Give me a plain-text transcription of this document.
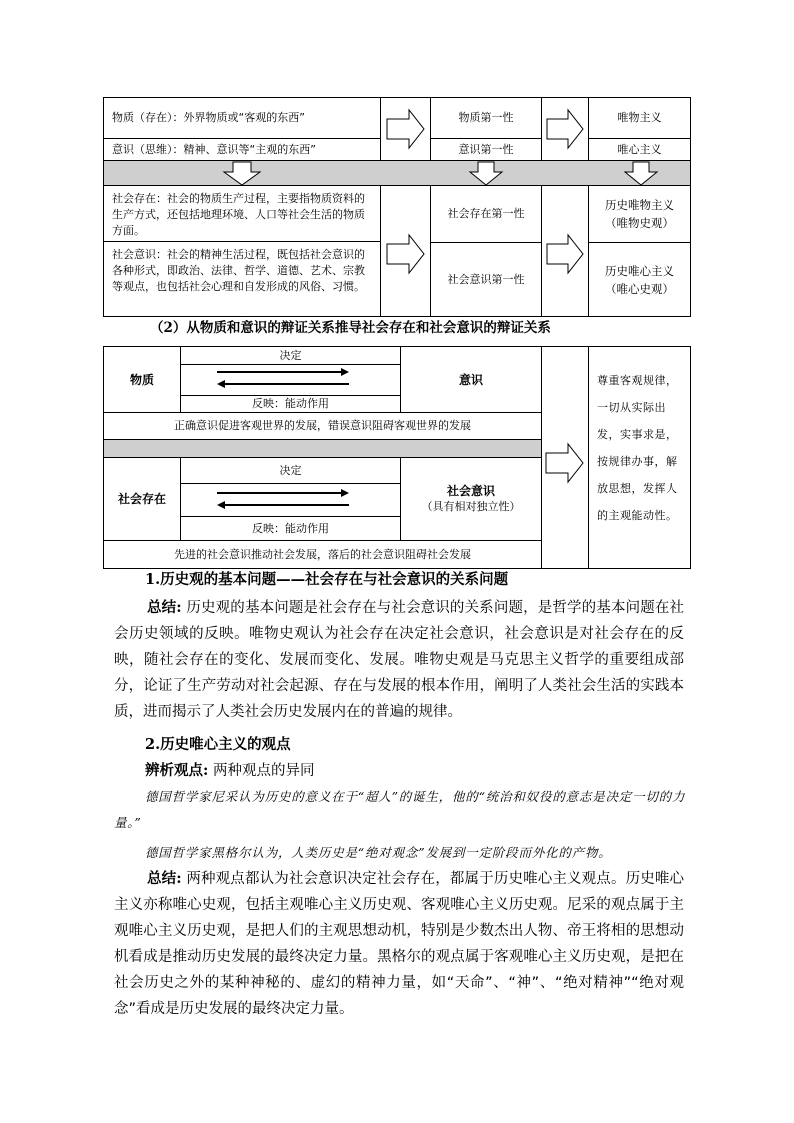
物质（存在）：外界物质或“客观的东西”
意识（思维）：精神、意识等“主观的东西”
物质第一性
意识第一性
唯物主义
唯心主义
社会存在：社会的物质生产过程，主要指物质资料的生产方式，还包括地理环境、人口等社会生活的物质方面。
社会意识：社会的精神生活过程，既包括社会意识的各种形式，即政治、法律、哲学、道德、艺术、宗教等观点，也包括社会心理和自发形成的风俗、习惯。
社会存在第一性
社会意识第一性
历史唯物主义
（唯物史观）
历史唯心主义
（唯心史观）
（2）从物质和意识的辩证关系推导社会存在和社会意识的辩证关系
物质
决定
反映：能动作用
意识
正确意识促进客观世界的发展，错误意识阻碍客观世界的发展
社会存在
决定
反映：能动作用
社会意识
（具有相对独立性）
先进的社会意识推动社会发展，落后的社会意识阻碍社会发展
尊重客观规律，一切从实际出发，实事求是，按规律办事，解放思想，发挥人的主观能动性。
1.历史观的基本问题——社会存在与社会意识的关系问题
总结: 历史观的基本问题是社会存在与社会意识的关系问题，是哲学的基本问题在社会历史领域的反映。唯物史观认为社会存在决定社会意识，社会意识是对社会存在的反映，随社会存在的变化、发展而变化、发展。唯物史观是马克思主义哲学的重要组成部分，论证了生产劳动对社会起源、存在与发展的根本作用，阐明了人类社会生活的实践本质，进而揭示了人类社会历史发展内在的普遍的规律。
2.历史唯心主义的观点
辨析观点: 两种观点的异同
德国哲学家尼采认为历史的意义在于“超人”的诞生，他的“统治和奴役的意志是决定一切的力量。”
德国哲学家黑格尔认为，人类历史是“绝对观念”发展到一定阶段而外化的产物。
总结: 两种观点都认为社会意识决定社会存在，都属于历史唯心主义观点。历史唯心主义亦称唯心史观，包括主观唯心主义历史观、客观唯心主义历史观。尼采的观点属于主观唯心主义历史观，是把人们的主观思想动机，特别是少数杰出人物、帝王将相的思想动机看成是推动历史发展的最终决定力量。黑格尔的观点属于客观唯心主义历史观，是把在社会历史之外的某种神秘的、虚幻的精神力量，如“天命”、“神”、“绝对精神”“绝对观念”看成是历史发展的最终决定力量。
